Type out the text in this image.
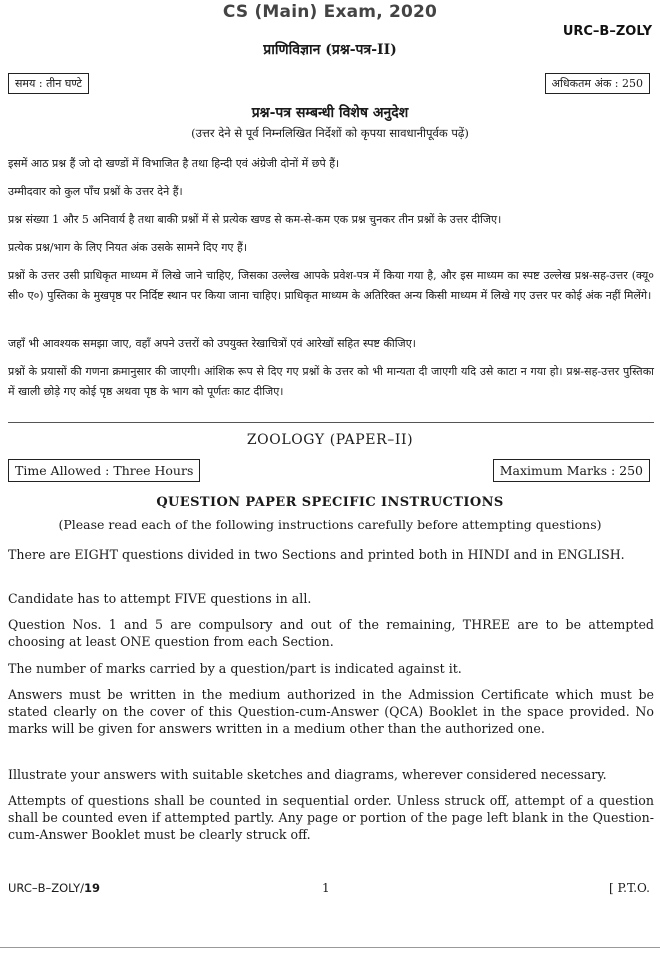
CS (Main) Exam, 2020
URC–B–ZOLY
प्राणिविज्ञान (प्रश्न-पत्र-II)
समय : तीन घण्टे	अधिकतम अंक : 250
प्रश्न-पत्र सम्बन्धी विशेष अनुदेश
(उत्तर देने से पूर्व निम्नलिखित निर्देशों को कृपया सावधानीपूर्वक पढ़ें)
इसमें आठ प्रश्न हैं जो दो खण्डों में विभाजित है तथा हिन्दी एवं अंग्रेजी दोनों में छपे हैं।
उम्मीदवार को कुल पाँच प्रश्नों के उत्तर देने हैं।
प्रश्न संख्या 1 और 5 अनिवार्य है तथा बाकी प्रश्नों में से प्रत्येक खण्ड से कम-से-कम एक प्रश्न चुनकर तीन प्रश्नों के उत्तर दीजिए।
प्रत्येक प्रश्न/भाग के लिए नियत अंक उसके सामने दिए गए हैं।
प्रश्नों के उत्तर उसी प्राधिकृत माध्यम में लिखे जाने चाहिए, जिसका उल्लेख आपके प्रवेश-पत्र में किया गया है, और इस माध्यम का स्पष्ट उल्लेख प्रश्न-सह-उत्तर (क्यू० सी० ए०) पुस्तिका के मुखपृष्ठ पर निर्दिष्ट स्थान पर किया जाना चाहिए। प्राधिकृत माध्यम के अतिरिक्त अन्य किसी माध्यम में लिखे गए उत्तर पर कोई अंक नहीं मिलेंगे।
जहाँ भी आवश्यक समझा जाए, वहाँ अपने उत्तरों को उपयुक्त रेखाचित्रों एवं आरेखों सहित स्पष्ट कीजिए।
प्रश्नों के प्रयासों की गणना क्रमानुसार की जाएगी। आंशिक रूप से दिए गए प्रश्नों के उत्तर को भी मान्यता दी जाएगी यदि उसे काटा न गया हो। प्रश्न-सह-उत्तर पुस्तिका में खाली छोड़े गए कोई पृष्ठ अथवा पृष्ठ के भाग को पूर्णतः काट दीजिए।
ZOOLOGY (PAPER–II)
Time Allowed : Three Hours	Maximum Marks : 250
QUESTION PAPER SPECIFIC INSTRUCTIONS
(Please read each of the following instructions carefully before attempting questions)
There are EIGHT questions divided in two Sections and printed both in HINDI and in ENGLISH.
Candidate has to attempt FIVE questions in all.
Question Nos. 1 and 5 are compulsory and out of the remaining, THREE are to be attempted choosing at least ONE question from each Section.
The number of marks carried by a question/part is indicated against it.
Answers must be written in the medium authorized in the Admission Certificate which must be stated clearly on the cover of this Question-cum-Answer (QCA) Booklet in the space provided. No marks will be given for answers written in a medium other than the authorized one.
Illustrate your answers with suitable sketches and diagrams, wherever considered necessary.
Attempts of questions shall be counted in sequential order. Unless struck off, attempt of a question shall be counted even if attempted partly. Any page or portion of the page left blank in the Question-cum-Answer Booklet must be clearly struck off.
URC–B–ZOLY/19	1	[ P.T.O.
